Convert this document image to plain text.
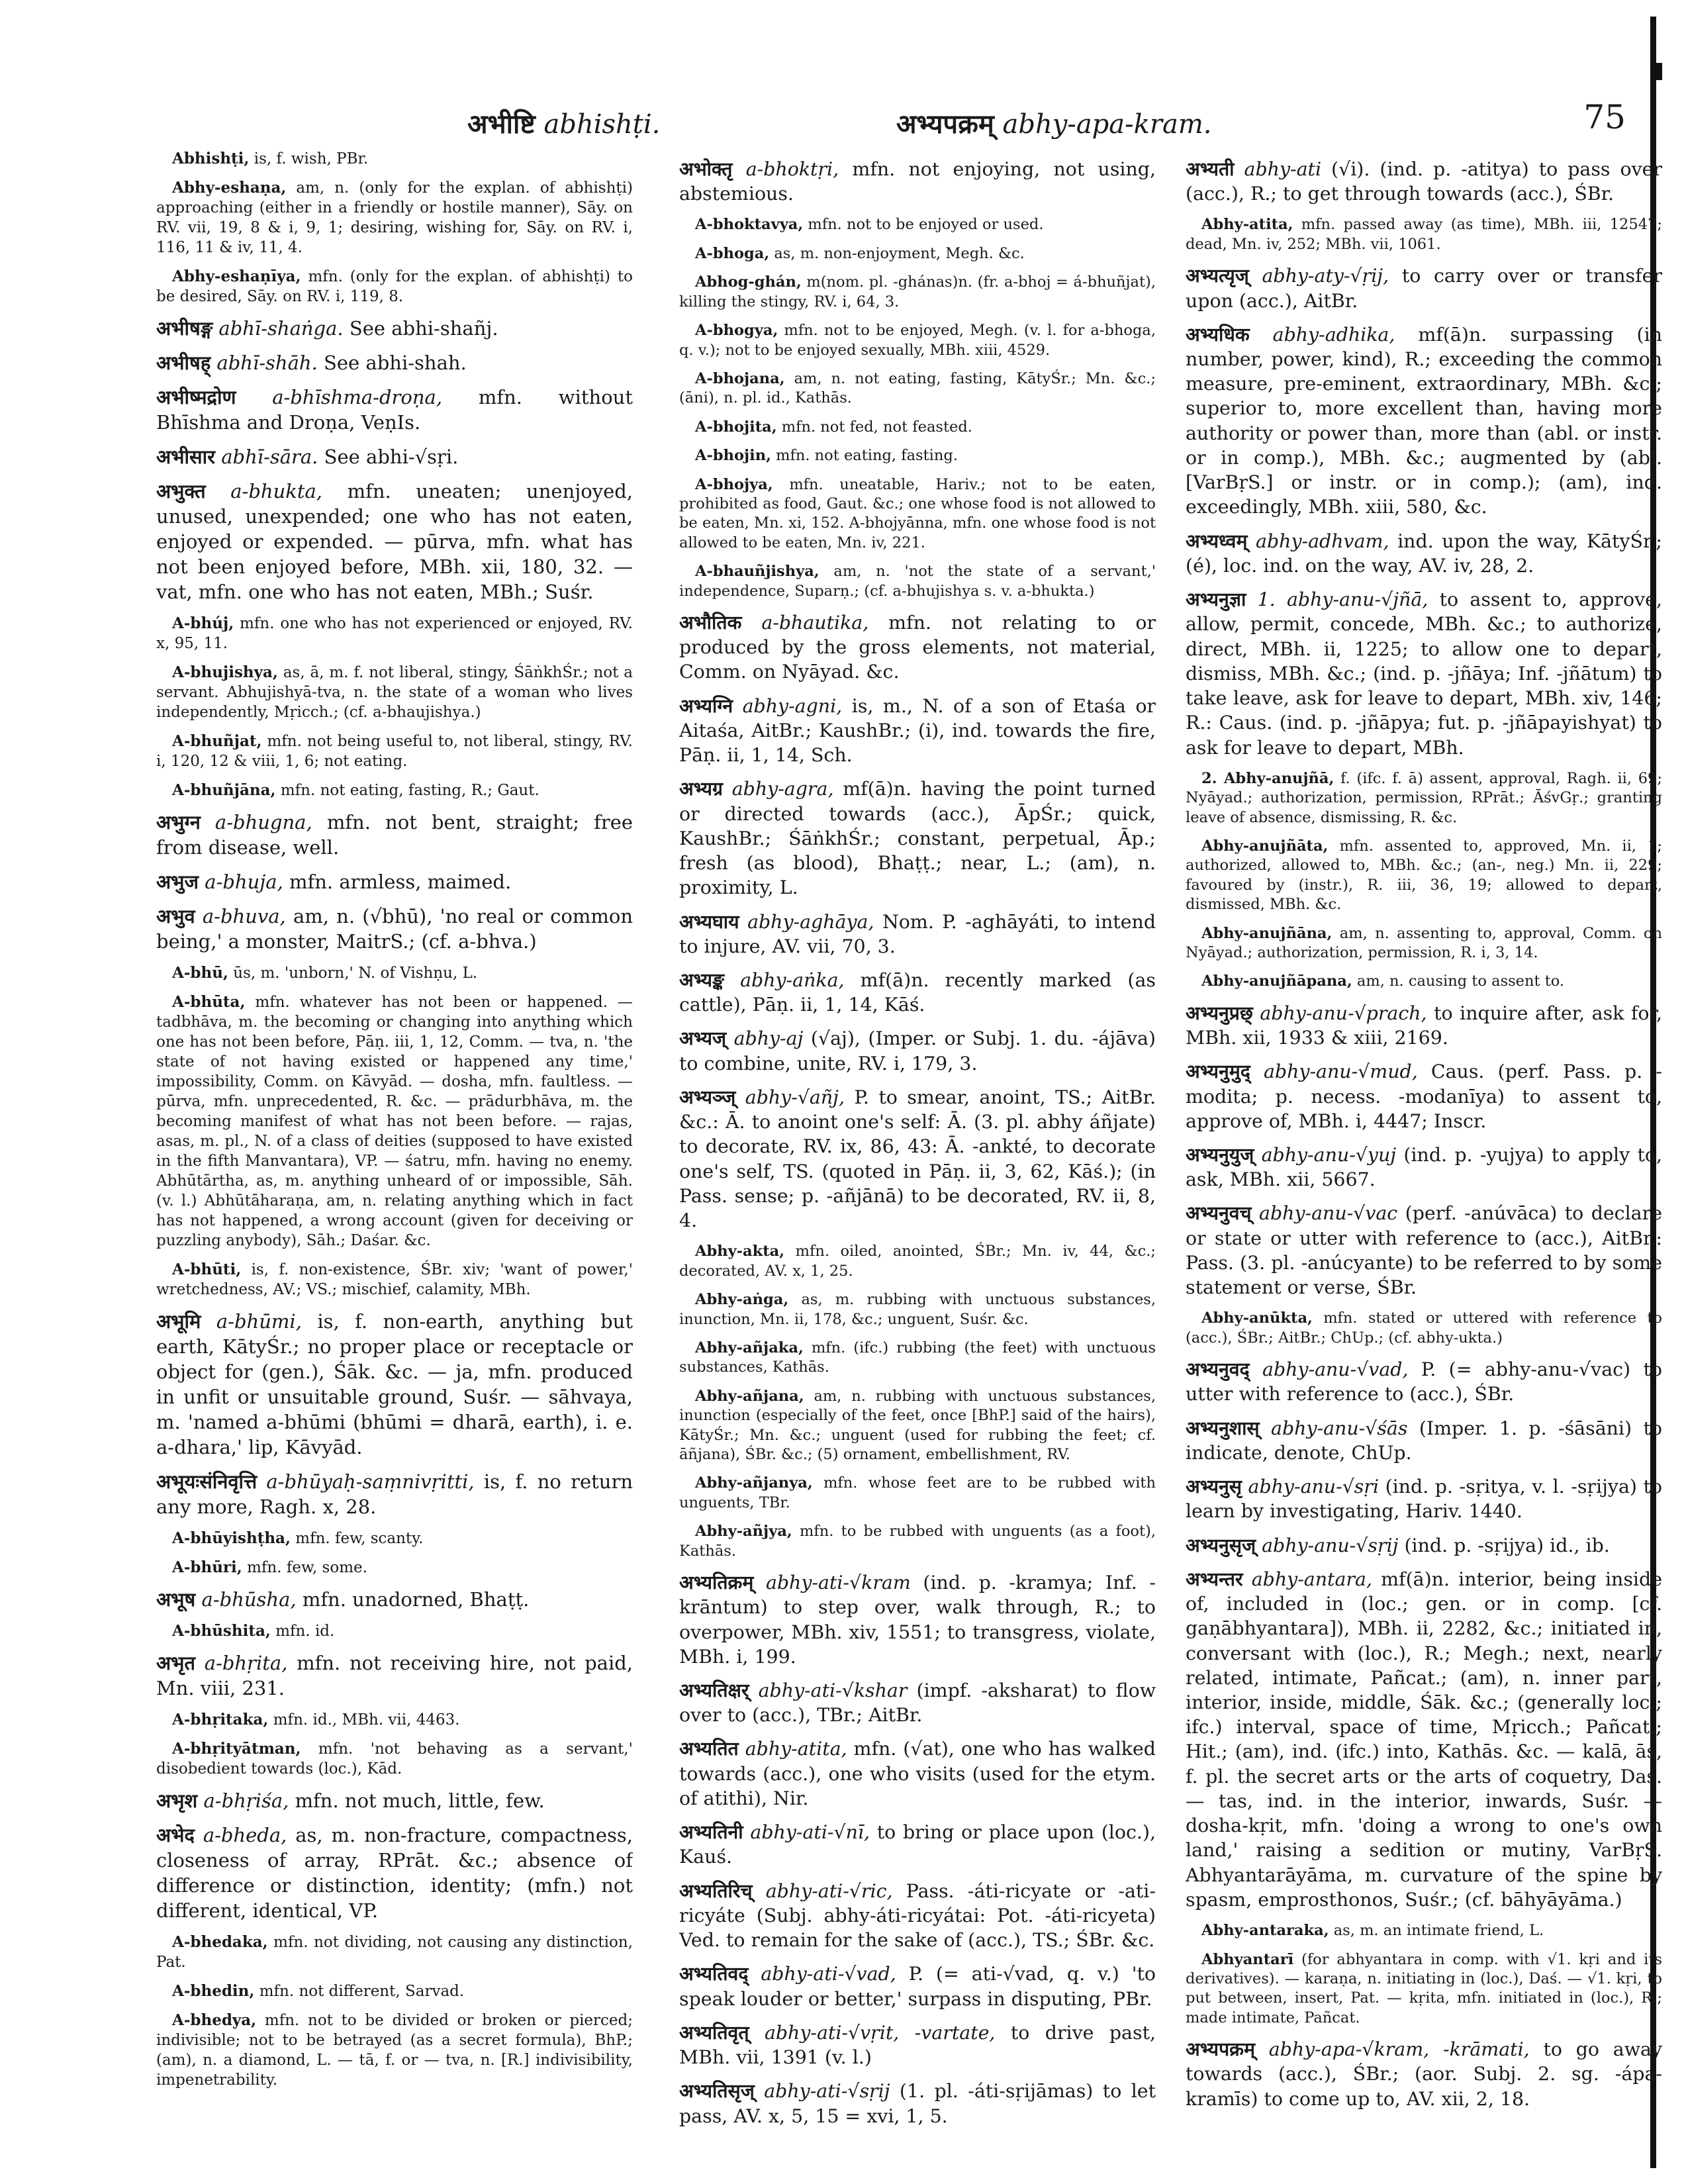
अभीष्टि abhishṭi.	अभ्यपक्रम् abhy-apa-kram.	75

Abhishṭi, is, f. wish, PBr.

Abhy-eshaṇa, am, n. (only for the explan. of abhishṭi) approaching (either in a friendly or hostile manner), Sāy. on RV. vii, 19, 8 & i, 9, 1; desiring, wishing for, Sāy. on RV. i, 116, 11 & iv, 11, 4.

Abhy-eshaṇīya, mfn. (only for the explan. of abhishṭi) to be desired, Sāy. on RV. i, 119, 8.

अभीषङ्ग abhī-shaṅga. See abhi-shañj.

अभीषह् abhī-shāh. See abhi-shah.

अभीष्मद्रोण a-bhīshma-droṇa, mfn. without Bhīshma and Droṇa, VeṇIs.

अभीसार abhī-sāra. See abhi-√sṛi.

अभुक्त a-bhukta, mfn. uneaten; unenjoyed, unused, unexpended; one who has not eaten, enjoyed or expended. — pūrva, mfn. what has not been enjoyed before, MBh. xii, 180, 32. — vat, mfn. one who has not eaten, MBh.; Suśr.

A-bhúj, mfn. one who has not experienced or enjoyed, RV. x, 95, 11.

A-bhujishya, as, ā, m. f. not liberal, stingy, ŚāṅkhŚr.; not a servant. Abhujishyā-tva, n. the state of a woman who lives independently, Mṛicch.; (cf. a-bhaujishya.)

A-bhuñjat, mfn. not being useful to, not liberal, stingy, RV. i, 120, 12 & viii, 1, 6; not eating.

A-bhuñjāna, mfn. not eating, fasting, R.; Gaut.

अभुग्न a-bhugna, mfn. not bent, straight; free from disease, well.

अभुज a-bhuja, mfn. armless, maimed.

अभुव a-bhuva, am, n. (√bhū), 'no real or common being,' a monster, MaitrS.; (cf. a-bhva.)

A-bhū, ūs, m. 'unborn,' N. of Vishṇu, L.

A-bhūta, mfn. whatever has not been or happened. — tadbhāva, m. the becoming or changing into anything which one has not been before, Pāṇ. iii, 1, 12, Comm. — tva, n. 'the state of not having existed or happened any time,' impossibility, Comm. on Kāvyād. — dosha, mfn. faultless. — pūrva, mfn. unprecedented, R. &c. — prādurbhāva, m. the becoming manifest of what has not been before. — rajas, asas, m. pl., N. of a class of deities (supposed to have existed in the fifth Manvantara), VP. — śatru, mfn. having no enemy. Abhūtārtha, as, m. anything unheard of or impossible, Sāh. (v. l.) Abhūtāharaṇa, am, n. relating anything which in fact has not happened, a wrong account (given for deceiving or puzzling anybody), Sāh.; Daśar. &c.

A-bhūti, is, f. non-existence, ŚBr. xiv; 'want of power,' wretchedness, AV.; VS.; mischief, calamity, MBh.

अभूमि a-bhūmi, is, f. non-earth, anything but earth, KātyŚr.; no proper place or receptacle or object for (gen.), Śāk. &c. — ja, mfn. produced in unfit or unsuitable ground, Suśr. — sāhvaya, m. 'named a-bhūmi (bhūmi = dharā, earth), i. e. a-dhara,' lip, Kāvyād.

अभूयःसंनिवृत्ति a-bhūyaḥ-saṃnivṛitti, is, f. no return any more, Ragh. x, 28.

A-bhūyishṭha, mfn. few, scanty.

A-bhūri, mfn. few, some.

अभूष a-bhūsha, mfn. unadorned, Bhaṭṭ.

A-bhūshita, mfn. id.

अभृत a-bhṛita, mfn. not receiving hire, not paid, Mn. viii, 231.

A-bhṛitaka, mfn. id., MBh. vii, 4463.

A-bhṛityātman, mfn. 'not behaving as a servant,' disobedient towards (loc.), Kād.

अभृश a-bhṛiśa, mfn. not much, little, few.

अभेद a-bheda, as, m. non-fracture, compactness, closeness of array, RPrāt. &c.; absence of difference or distinction, identity; (mfn.) not different, identical, VP.

A-bhedaka, mfn. not dividing, not causing any distinction, Pat.

A-bhedin, mfn. not different, Sarvad.

A-bhedya, mfn. not to be divided or broken or pierced; indivisible; not to be betrayed (as a secret formula), BhP.; (am), n. a diamond, L. — tā, f. or — tva, n. [R.] indivisibility, impenetrability.

अभोक्तृ a-bhoktṛi, mfn. not enjoying, not using, abstemious.

A-bhoktavya, mfn. not to be enjoyed or used.

A-bhoga, as, m. non-enjoyment, Megh. &c.

Abhog-ghán, m(nom. pl. -ghánas)n. (fr. a-bhoj = á-bhuñjat), killing the stingy, RV. i, 64, 3.

A-bhogya, mfn. not to be enjoyed, Megh. (v. l. for a-bhoga, q. v.); not to be enjoyed sexually, MBh. xiii, 4529.

A-bhojana, am, n. not eating, fasting, KātyŚr.; Mn. &c.; (āni), n. pl. id., Kathās.

A-bhojita, mfn. not fed, not feasted.

A-bhojin, mfn. not eating, fasting.

A-bhojya, mfn. uneatable, Hariv.; not to be eaten, prohibited as food, Gaut. &c.; one whose food is not allowed to be eaten, Mn. xi, 152. A-bhojyānna, mfn. one whose food is not allowed to be eaten, Mn. iv, 221.

A-bhauñjishya, am, n. 'not the state of a servant,' independence, Suparṇ.; (cf. a-bhujishya s. v. a-bhukta.)

अभौतिक a-bhautika, mfn. not relating to or produced by the gross elements, not material, Comm. on Nyāyad. &c.

अभ्यग्नि abhy-agni, is, m., N. of a son of Etaśa or Aitaśa, AitBr.; KaushBr.; (i), ind. towards the fire, Pāṇ. ii, 1, 14, Sch.

अभ्यग्र abhy-agra, mf(ā)n. having the point turned or directed towards (acc.), ĀpŚr.; quick, KaushBr.; ŚāṅkhŚr.; constant, perpetual, Āp.; fresh (as blood), Bhaṭṭ.; near, L.; (am), n. proximity, L.

अभ्यघाय abhy-aghāya, Nom. P. -aghāyáti, to intend to injure, AV. vii, 70, 3.

अभ्यङ्क abhy-aṅka, mf(ā)n. recently marked (as cattle), Pāṇ. ii, 1, 14, Kāś.

अभ्यज् abhy-aj (√aj), (Imper. or Subj. 1. du. -ájāva) to combine, unite, RV. i, 179, 3.

अभ्यञ्ज् abhy-√añj, P. to smear, anoint, TS.; AitBr. &c.: Ā. to anoint one's self: Ā. (3. pl. abhy áñjate) to decorate, RV. ix, 86, 43: Ā. -ankté, to decorate one's self, TS. (quoted in Pāṇ. ii, 3, 62, Kāś.); (in Pass. sense; p. -añjānā) to be decorated, RV. ii, 8, 4.

Abhy-akta, mfn. oiled, anointed, ŚBr.; Mn. iv, 44, &c.; decorated, AV. x, 1, 25.

Abhy-aṅga, as, m. rubbing with unctuous substances, inunction, Mn. ii, 178, &c.; unguent, Suśr. &c.

Abhy-añjaka, mfn. (ifc.) rubbing (the feet) with unctuous substances, Kathās.

Abhy-añjana, am, n. rubbing with unctuous substances, inunction (especially of the feet, once [BhP.] said of the hairs), KātyŚr.; Mn. &c.; unguent (used for rubbing the feet; cf. āñjana), ŚBr. &c.; (5) ornament, embellishment, RV.

Abhy-añjanya, mfn. whose feet are to be rubbed with unguents, TBr.

Abhy-añjya, mfn. to be rubbed with unguents (as a foot), Kathās.

अभ्यतिक्रम् abhy-ati-√kram (ind. p. -kramya; Inf. -krāntum) to step over, walk through, R.; to overpower, MBh. xiv, 1551; to transgress, violate, MBh. i, 199.

अभ्यतिक्षर् abhy-ati-√kshar (impf. -aksharat) to flow over to (acc.), TBr.; AitBr.

अभ्यतित abhy-atita, mfn. (√at), one who has walked towards (acc.), one who visits (used for the etym. of atithi), Nir.

अभ्यतिनी abhy-ati-√nī, to bring or place upon (loc.), Kauś.

अभ्यतिरिच् abhy-ati-√ric, Pass. -áti-ricyate or -ati-ricyáte (Subj. abhy-áti-ricyátai: Pot. -áti-ricyeta) Ved. to remain for the sake of (acc.), TS.; ŚBr. &c.

अभ्यतिवद् abhy-ati-√vad, P. (= ati-√vad, q. v.) 'to speak louder or better,' surpass in disputing, PBr.

अभ्यतिवृत् abhy-ati-√vṛit, -vartate, to drive past, MBh. vii, 1391 (v. l.)

अभ्यतिसृज् abhy-ati-√sṛij (1. pl. -áti-sṛijāmas) to let pass, AV. x, 5, 15 = xvi, 1, 5.

अभ्यती abhy-ati (√i). (ind. p. -atitya) to pass over (acc.), R.; to get through towards (acc.), ŚBr.

Abhy-atita, mfn. passed away (as time), MBh. iii, 12547; dead, Mn. iv, 252; MBh. vii, 1061.

अभ्यत्यृज् abhy-aty-√ṛij, to carry over or transfer upon (acc.), AitBr.

अभ्यधिक abhy-adhika, mf(ā)n. surpassing (in number, power, kind), R.; exceeding the common measure, pre-eminent, extraordinary, MBh. &c.; superior to, more excellent than, having more authority or power than, more than (abl. or instr. or in comp.), MBh. &c.; augmented by (abl. [VarBṛS.] or instr. or in comp.); (am), ind. exceedingly, MBh. xiii, 580, &c.

अभ्यध्वम् abhy-adhvam, ind. upon the way, KātyŚr.; (é), loc. ind. on the way, AV. iv, 28, 2.

अभ्यनुज्ञा 1. abhy-anu-√jñā, to assent to, approve, allow, permit, concede, MBh. &c.; to authorize, direct, MBh. ii, 1225; to allow one to depart, dismiss, MBh. &c.; (ind. p. -jñāya; Inf. -jñātum) to take leave, ask for leave to depart, MBh. xiv, 146; R.: Caus. (ind. p. -jñāpya; fut. p. -jñāpayishyat) to ask for leave to depart, MBh.

2. Abhy-anujñā, f. (ifc. f. ā) assent, approval, Ragh. ii, 69; Nyāyad.; authorization, permission, RPrāt.; ĀśvGṛ.; granting leave of absence, dismissing, R. &c.

Abhy-anujñāta, mfn. assented to, approved, Mn. ii, 1; authorized, allowed to, MBh. &c.; (an-, neg.) Mn. ii, 229; favoured by (instr.), R. iii, 36, 19; allowed to depart, dismissed, MBh. &c.

Abhy-anujñāna, am, n. assenting to, approval, Comm. on Nyāyad.; authorization, permission, R. i, 3, 14.

Abhy-anujñāpana, am, n. causing to assent to.

अभ्यनुप्रछ् abhy-anu-√prach, to inquire after, ask for, MBh. xii, 1933 & xiii, 2169.

अभ्यनुमुद् abhy-anu-√mud, Caus. (perf. Pass. p. -modita; p. necess. -modanīya) to assent to, approve of, MBh. i, 4447; Inscr.

अभ्यनुयुज् abhy-anu-√yuj (ind. p. -yujya) to apply to, ask, MBh. xii, 5667.

अभ्यनुवच् abhy-anu-√vac (perf. -anúvāca) to declare or state or utter with reference to (acc.), AitBr.: Pass. (3. pl. -anúcyante) to be referred to by some statement or verse, ŚBr.

Abhy-anūkta, mfn. stated or uttered with reference to (acc.), ŚBr.; AitBr.; ChUp.; (cf. abhy-ukta.)

अभ्यनुवद् abhy-anu-√vad, P. (= abhy-anu-√vac) to utter with reference to (acc.), ŚBr.

अभ्यनुशास् abhy-anu-√śās (Imper. 1. p. -śāsāni) to indicate, denote, ChUp.

अभ्यनुसृ abhy-anu-√sṛi (ind. p. -sṛitya, v. l. -sṛijya) to learn by investigating, Hariv. 1440.

अभ्यनुसृज् abhy-anu-√sṛij (ind. p. -sṛijya) id., ib.

अभ्यन्तर abhy-antara, mf(ā)n. interior, being inside of, included in (loc.; gen. or in comp. [cf. gaṇābhyantara]), MBh. ii, 2282, &c.; initiated in, conversant with (loc.), R.; Megh.; next, nearly related, intimate, Pañcat.; (am), n. inner part, interior, inside, middle, Śāk. &c.; (generally loc.; ifc.) interval, space of time, Mṛicch.; Pañcat.; Hit.; (am), ind. (ifc.) into, Kathās. &c. — kalā, ās, f. pl. the secret arts or the arts of coquetry, Daś. — tas, ind. in the interior, inwards, Suśr. — dosha-kṛit, mfn. 'doing a wrong to one's own land,' raising a sedition or mutiny, VarBṛS. Abhyantarāyāma, m. curvature of the spine by spasm, emprosthonos, Suśr.; (cf. bāhyāyāma.)

Abhy-antaraka, as, m. an intimate friend, L.

Abhyantarī (for abhyantara in comp. with √1. kṛi and its derivatives). — karaṇa, n. initiating in (loc.), Daś. — √1. kṛi, to put between, insert, Pat. — kṛita, mfn. initiated in (loc.), R.; made intimate, Pañcat.

अभ्यपक्रम् abhy-apa-√kram, -krāmati, to go away towards (acc.), ŚBr.; (aor. Subj. 2. sg. -ápa-kramīs) to come up to, AV. xii, 2, 18.
